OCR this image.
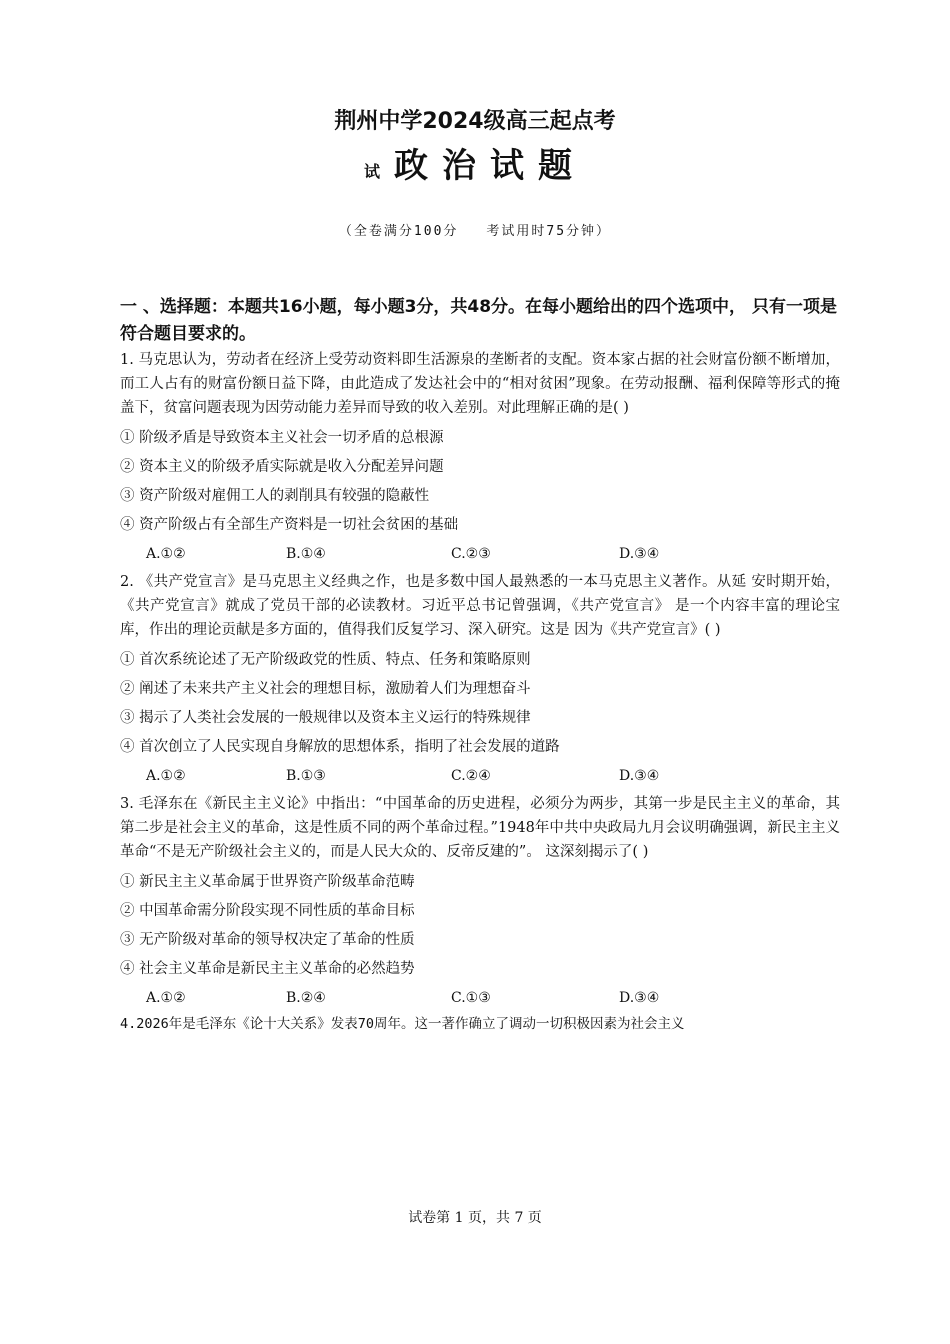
荆州中学2024级高三起点考
试 政治试题
（全卷满分100分 考试用时75分钟）
一 、选择题：本题共16小题，每小题3分，共48分。在每小题给出的四个选项中， 只有一项是符合题目要求的。

1. 马克思认为，劳动者在经济上受劳动资料即生活源泉的垄断者的支配。资本家占据的社会财富份额不断增加，而工人占有的财富份额日益下降，由此造成了发达社会中的“相对贫困”现象。在劳动报酬、福利保障等形式的掩盖下，贫富问题表现为因劳动能力差异而导致的收入差别。对此理解正确的是( )

① 阶级矛盾是导致资本主义社会一切矛盾的总根源

② 资本主义的阶级矛盾实际就是收入分配差异问题

③ 资产阶级对雇佣工人的剥削具有较强的隐蔽性

④ 资产阶级占有全部生产资料是一切社会贫困的基础

A.①②	B.①④	C.②③	D.③④

2. 《共产党宣言》是马克思主义经典之作，也是多数中国人最熟悉的一本马克思主义著作。从延 安时期开始，《共产党宣言》就成了党员干部的必读教材。习近平总书记曾强调，《共产党宣言》 是一个内容丰富的理论宝库，作出的理论贡献是多方面的，值得我们反复学习、深入研究。这是 因为《共产党宣言》( )

① 首次系统论述了无产阶级政党的性质、特点、任务和策略原则

② 阐述了未来共产主义社会的理想目标，激励着人们为理想奋斗

③ 揭示了人类社会发展的一般规律以及资本主义运行的特殊规律

④ 首次创立了人民实现自身解放的思想体系，指明了社会发展的道路

A.①②	B.①③	C.②④	D.③④

3. 毛泽东在《新民主主义论》中指出：“中国革命的历史进程，必须分为两步，其第一步是民主主义的革命，其第二步是社会主义的革命，这是性质不同的两个革命过程。”1948年中共中央政局九月会议明确强调，新民主主义革命“不是无产阶级社会主义的，而是人民大众的、反帝反建的”。 这深刻揭示了( )

① 新民主主义革命属于世界资产阶级革命范畴

② 中国革命需分阶段实现不同性质的革命目标

③ 无产阶级对革命的领导权决定了革命的性质

④ 社会主义革命是新民主主义革命的必然趋势

A.①②	B.②④	C.①③	D.③④

4.2026年是毛泽东《论十大关系》发表70周年。这一著作确立了调动一切积极因素为社会主义

试卷第 1 页，共 7 页
